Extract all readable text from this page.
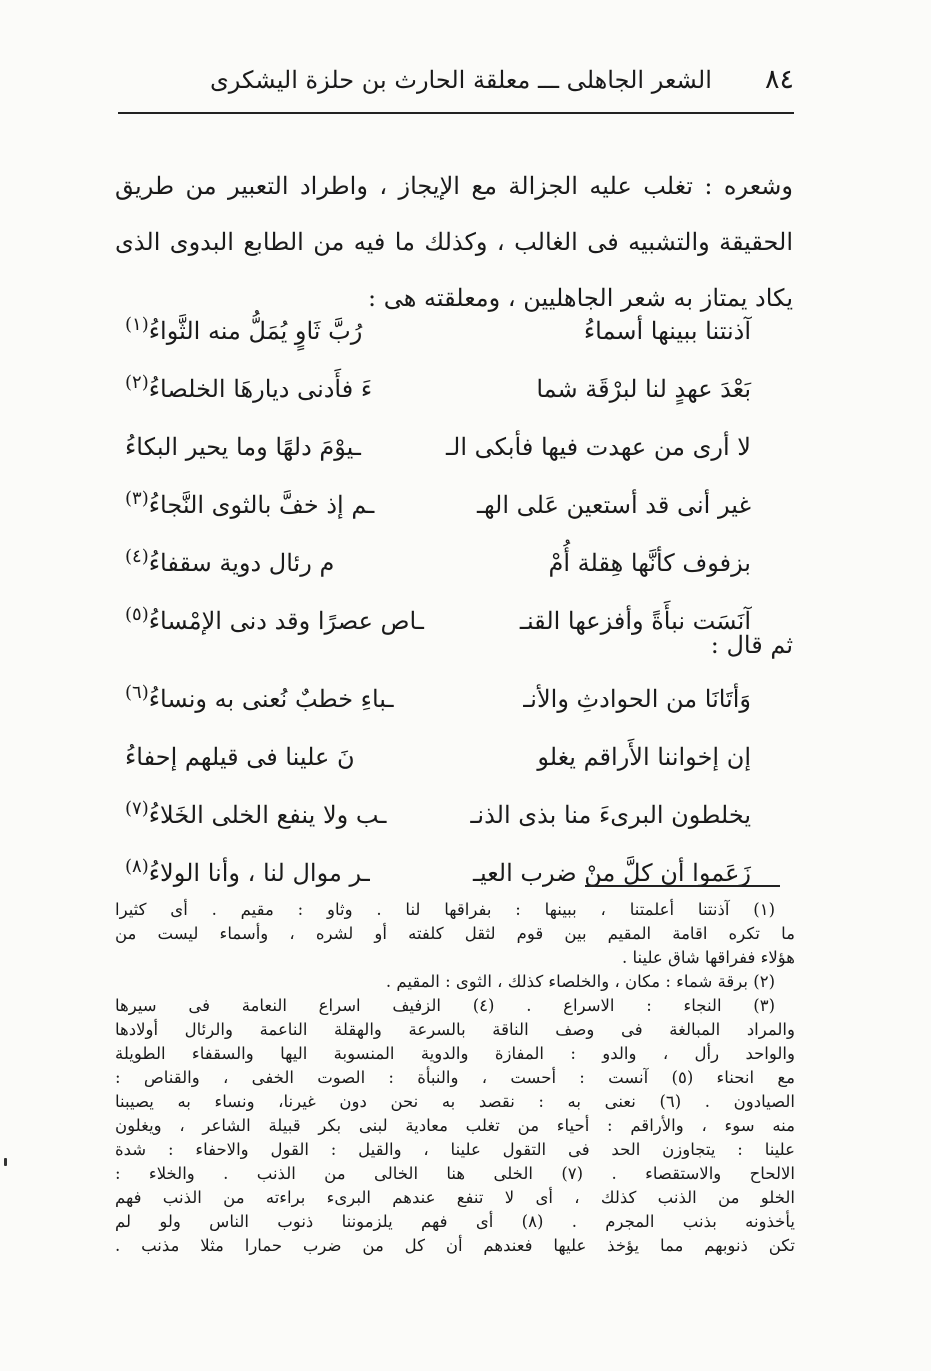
٨٤
الشعر الجاهلى ـــ معلقة الحارث بن حلزة اليشكرى
وشعره : تغلب عليه الجزالة مع الإيجاز ، واطراد التعبير من طريق
الحقيقة والتشبيه فى الغالب ، وكذلك ما فيه من الطابع البدوى الذى
يكاد يمتاز به شعر الجاهليين ، ومعلقته هى :
آذنتنا ببينها أسماءُ
رُبَّ ثَاوٍ يُمَلُّ منه الثَّواءُ$^{(١)}$
بَعْدَ عهدٍ لنا لبرْقَة شما
ءَ فأَدنى ديارهَا الخلصاءُ$^{(٢)}$
لا أرى من عهدت فيها فأبكى الـ
ـيوْمَ دلهًا وما يحير البكاءُ
غير أنى قد أستعين عَلى الهـ
ـم إذ خفَّ بالثوى النَّجاءُ$^{(٣)}$
بزفوف كأنَّها هِقلة أُمْ
م رئال دوية سقفاءُ$^{(٤)}$
آنَسَت نبأَةً وأفزعها القنـ
ـاص عصرًا وقد دنى الإمْساءُ$^{(٥)}$
ثم قال :
وَأتَانَا من الحوادثِ والأنـ
ـباءِ خطبٌ نُعنى به ونساءُ$^{(٦)}$
إن إخواننا الأَراقم يغلو
نَ علينا فى قيلهم إحفاءُ
يخلطون البرىءَ منا بذى الذنـ
ـب ولا ينفع الخلى الخَلاءُ$^{(٧)}$
زَعَموا أن كلَّ منْ ضرب العيـ
ـر موال لنا ، وأنا الولاءُ$^{(٨)}$
(١) آذنتنا أعلمتنا ، ببينها : بفراقها لنا . وثاو : مقيم . أى كثيرا
ما تكره اقامة المقيم بين قوم لثقل كلفته أو لشره ، وأسماء ليست من
هؤلاء ففراقها شاق علينا .
(٢) برقة شماء : مكان ، والخلصاء كذلك ، الثوى : المقيم .
(٣) النجاء : الاسراع . (٤) الزفيف اسراع النعامة فى سيرها
والمراد المبالغة فى وصف الناقة بالسرعة والهقلة الناعمة والرئال أولادها
والواحد رأل ، والدو : المفازة والدوية المنسوبة اليها والسقفاء الطويلة
مع انحناء (٥) آنست : أحست ، والنبأة : الصوت الخفى ، والقناص :
الصيادون . (٦) نعنى به : نقصد به نحن دون غيرنا، ونساء به يصيبنا
منه سوء ، والأراقم : أحياء من تغلب معادية لبنى بكر قبيلة الشاعر ، ويغلون
علينا : يتجاوزن الحد فى التقول علينا ، والقيل : القول والاحفاء : شدة
الالحاح والاستقصاء . (٧) الخلى هنا الخالى من الذنب . والخلاء :
الخلو من الذنب كذلك ، أى لا تنفع عندهم البرىء براءته من الذنب فهم
يأخذونه بذنب المجرم . (٨) أى فهم يلزموننا ذنوب الناس ولو لم
تكن ذنوبهم مما يؤخذ عليها فعندهم أن كل من ضرب حمارا مثلا مذنب .
